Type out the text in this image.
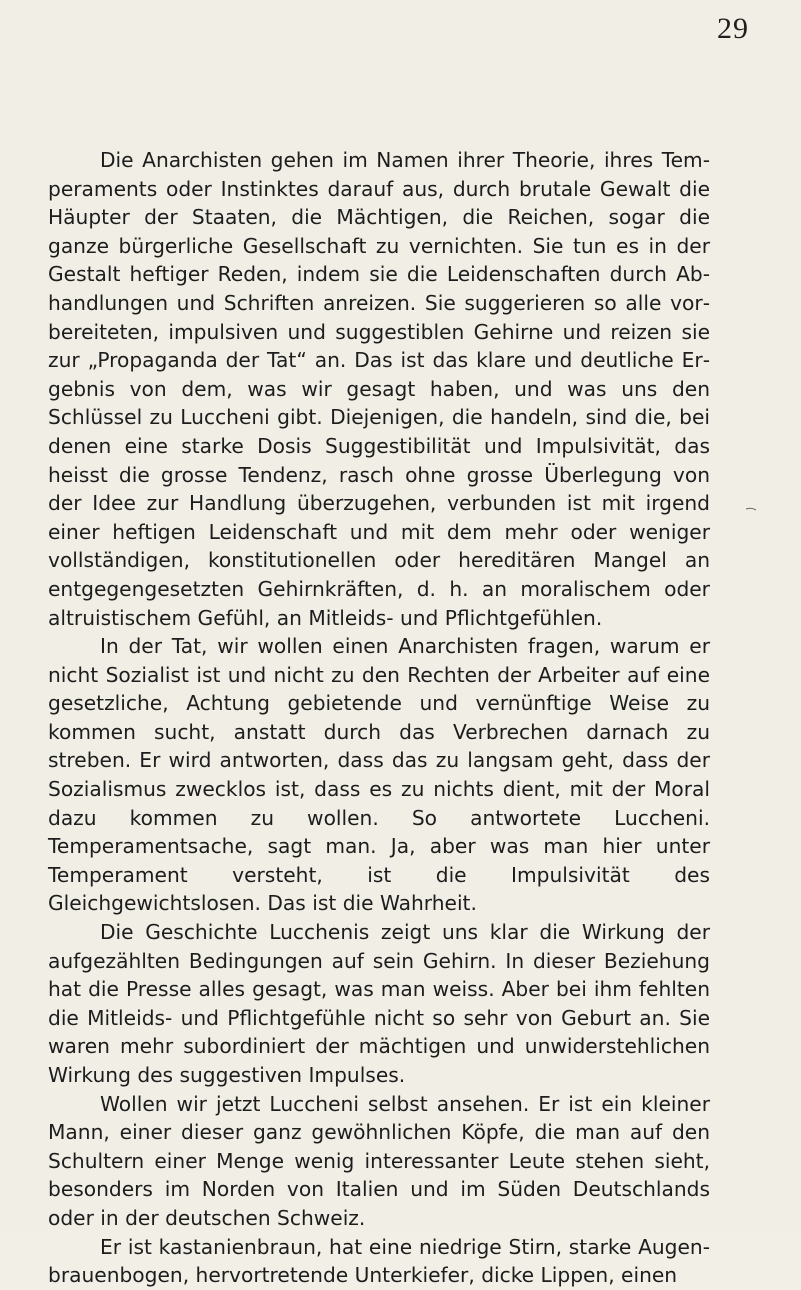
29

Die Anarchisten gehen im Namen ihrer Theorie, ihres Temperaments oder Instinktes darauf aus, durch brutale Gewalt die Häupter der Staaten, die Mächtigen, die Reichen, sogar die ganze bürgerliche Gesellschaft zu vernichten. Sie tun es in der Gestalt heftiger Reden, indem sie die Leidenschaften durch Abhandlungen und Schriften anreizen. Sie suggerieren so alle vorbereiteten, impulsiven und suggestiblen Gehirne und reizen sie zur „Propaganda der Tat“ an. Das ist das klare und deutliche Ergebnis von dem, was wir gesagt haben, und was uns den Schlüssel zu Luccheni gibt. Diejenigen, die handeln, sind die, bei denen eine starke Dosis Suggestibilität und Impulsivität, das heisst die grosse Tendenz, rasch ohne grosse Überlegung von der Idee zur Handlung überzugehen, verbunden ist mit irgend einer heftigen Leidenschaft und mit dem mehr oder weniger vollständigen, konstitutionellen oder hereditären Mangel an entgegengesetzten Gehirnkräften, d. h. an moralischem oder altruistischem Gefühl, an Mitleids- und Pflichtgefühlen.

In der Tat, wir wollen einen Anarchisten fragen, warum er nicht Sozialist ist und nicht zu den Rechten der Arbeiter auf eine gesetzliche, Achtung gebietende und vernünftige Weise zu kommen sucht, anstatt durch das Verbrechen darnach zu streben. Er wird antworten, dass das zu langsam geht, dass der Sozialismus zwecklos ist, dass es zu nichts dient, mit der Moral dazu kommen zu wollen. So antwortete Luccheni. Temperamentsache, sagt man. Ja, aber was man hier unter Temperament versteht, ist die Impulsivität des Gleichgewichtslosen. Das ist die Wahrheit.

Die Geschichte Lucchenis zeigt uns klar die Wirkung der aufgezählten Bedingungen auf sein Gehirn. In dieser Beziehung hat die Presse alles gesagt, was man weiss. Aber bei ihm fehlten die Mitleids- und Pflichtgefühle nicht so sehr von Geburt an. Sie waren mehr subordiniert der mächtigen und unwiderstehlichen Wirkung des suggestiven Impulses.

Wollen wir jetzt Luccheni selbst ansehen. Er ist ein kleiner Mann, einer dieser ganz gewöhnlichen Köpfe, die man auf den Schultern einer Menge wenig interessanter Leute stehen sieht, besonders im Norden von Italien und im Süden Deutschlands oder in der deutschen Schweiz.

Er ist kastanienbraun, hat eine niedrige Stirn, starke Augenbrauenbogen, hervortretende Unterkiefer, dicke Lippen, einen
